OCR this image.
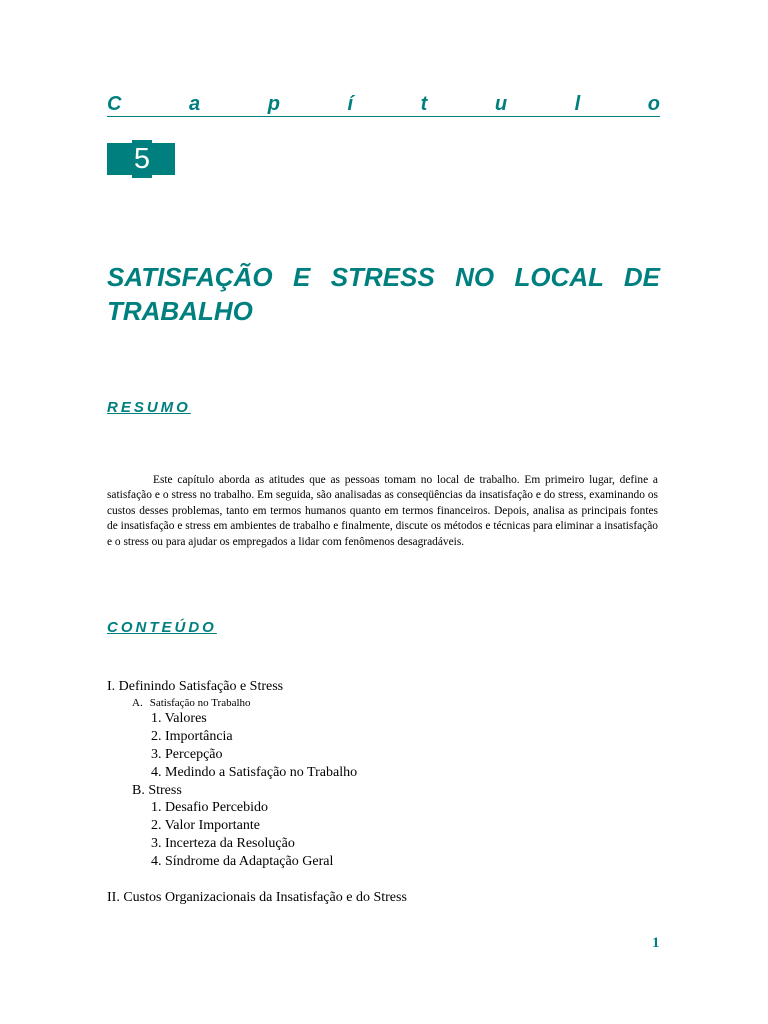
C	a	p	í	t	u	l	o
5
SATISFAÇÃO E STRESS NO LOCAL DE TRABALHO
RESUMO

Este capítulo aborda as atitudes que as pessoas tomam no local de trabalho. Em primeiro lugar, define a satisfação e o stress no trabalho. Em seguida, são analisadas as conseqüências da insatisfação e do stress, examinando os custos desses problemas, tanto em termos humanos quanto em termos financeiros. Depois, analisa as principais fontes de insatisfação e stress em ambientes de trabalho e finalmente, discute os métodos e técnicas para eliminar a insatisfação e o stress ou para ajudar os empregados a lidar com fenômenos desagradáveis.

CONTEÚDO

I. Definindo Satisfação e Stress

A. Satisfação no Trabalho

1. Valores

2. Importância

3. Percepção

4. Medindo a Satisfação no Trabalho

B. Stress

1. Desafio Percebido

2. Valor Importante

3. Incerteza da Resolução

4. Síndrome da Adaptação Geral

II. Custos Organizacionais da Insatisfação e do Stress

1
